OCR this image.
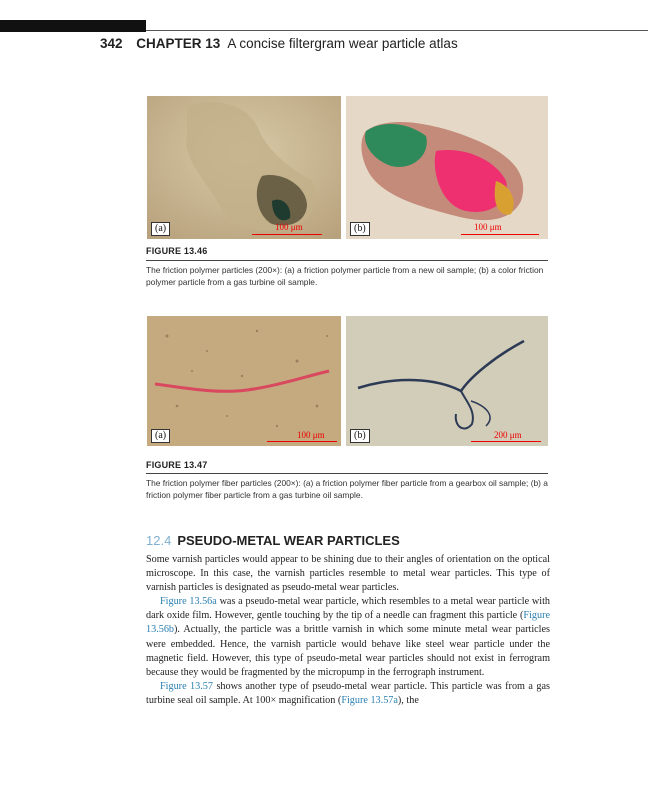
342 CHAPTER 13 A concise filtergram wear particle atlas
(a)	100 μm	(b)	100 μm
FIGURE 13.46
The friction polymer particles (200×): (a) a friction polymer particle from a new oil sample; (b) a color friction polymer particle from a gas turbine oil sample.
(a)	100 μm	(b)	200 μm
FIGURE 13.47
The friction polymer fiber particles (200×): (a) a friction polymer fiber particle from a gearbox oil sample; (b) a friction polymer fiber particle from a gas turbine oil sample.
12.4 PSEUDO-METAL WEAR PARTICLES

Some varnish particles would appear to be shining due to their angles of orientation on the optical microscope. In this case, the varnish particles resemble to metal wear particles. This type of varnish particles is designated as pseudo-metal wear particles.

Figure 13.56a was a pseudo-metal wear particle, which resembles to a metal wear particle with dark oxide film. However, gentle touching by the tip of a needle can fragment this particle (Figure 13.56b). Actually, the particle was a brittle varnish in which some minute metal wear particles were embedded. Hence, the varnish particle would behave like steel wear particle under the magnetic field. However, this type of pseudo-metal wear particles should not exist in ferrogram because they would be fragmented by the micropump in the ferrograph instrument.

Figure 13.57 shows another type of pseudo-metal wear particle. This particle was from a gas turbine seal oil sample. At 100× magnification (Figure 13.57a), the
